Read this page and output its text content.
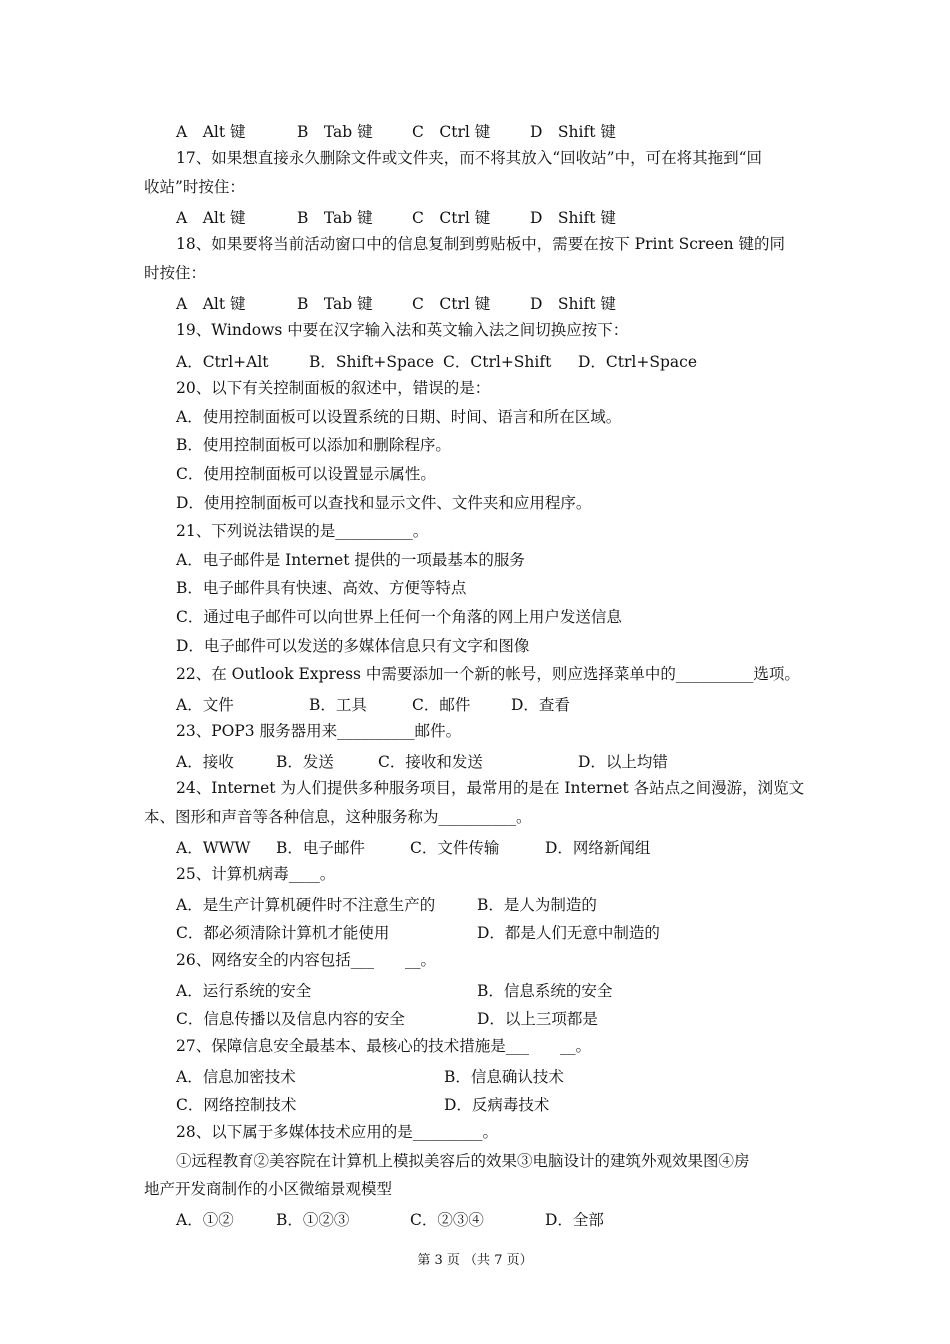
A　Alt 键	B　Tab 键	C　Ctrl 键	D　Shift 键
17、如果想直接永久删除文件或文件夹，而不将其放入“回收站”中，可在将其拖到“回
收站”时按住：
A　Alt 键	B　Tab 键	C　Ctrl 键	D　Shift 键
18、如果要将当前活动窗口中的信息复制到剪贴板中，需要在按下 Print Screen 键的同
时按住：
A　Alt 键	B　Tab 键	C　Ctrl 键	D　Shift 键
19、Windows 中要在汉字输入法和英文输入法之间切换应按下：
A．Ctrl+Alt	B．Shift+Space C．Ctrl+Shift D．Ctrl+Space
20、以下有关控制面板的叙述中，错误的是：
A．使用控制面板可以设置系统的日期、时间、语言和所在区域。
B．使用控制面板可以添加和删除程序。
C．使用控制面板可以设置显示属性。
D．使用控制面板可以查找和显示文件、文件夹和应用程序。
21、下列说法错误的是__________。
A．电子邮件是 Internet 提供的一项最基本的服务
B．电子邮件具有快速、高效、方便等特点
C．通过电子邮件可以向世界上任何一个角落的网上用户发送信息
D．电子邮件可以发送的多媒体信息只有文字和图像
22、在 Outlook Express 中需要添加一个新的帐号，则应选择菜单中的__________选项。
A．文件	B．工具	C．邮件	D．查看
23、POP3 服务器用来__________邮件。
A．接收	B．发送	C．接收和发送	D．以上均错
24、Internet 为人们提供多种服务项目，最常用的是在 Internet 各站点之间漫游，浏览文
本、图形和声音等各种信息，这种服务称为__________。
A．WWW B．电子邮件	C．文件传输	D．网络新闻组
25、计算机病毒____。
A．是生产计算机硬件时不注意生产的	B．是人为制造的
C．都必须清除计算机才能使用	D．都是人们无意中制造的
26、网络安全的内容包括___　　__。
A．运行系统的安全	B．信息系统的安全
C．信息传播以及信息内容的安全	D．以上三项都是
27、保障信息安全最基本、最核心的技术措施是___　　__。
A．信息加密技术	B．信息确认技术
C．网络控制技术	D．反病毒技术
28、以下属于多媒体技术应用的是_________。
①远程教育②美容院在计算机上模拟美容后的效果③电脑设计的建筑外观效果图④房
地产开发商制作的小区微缩景观模型
A．①②	B．①②③	C．②③④	D．全部
第 3 页 （共 7 页）
